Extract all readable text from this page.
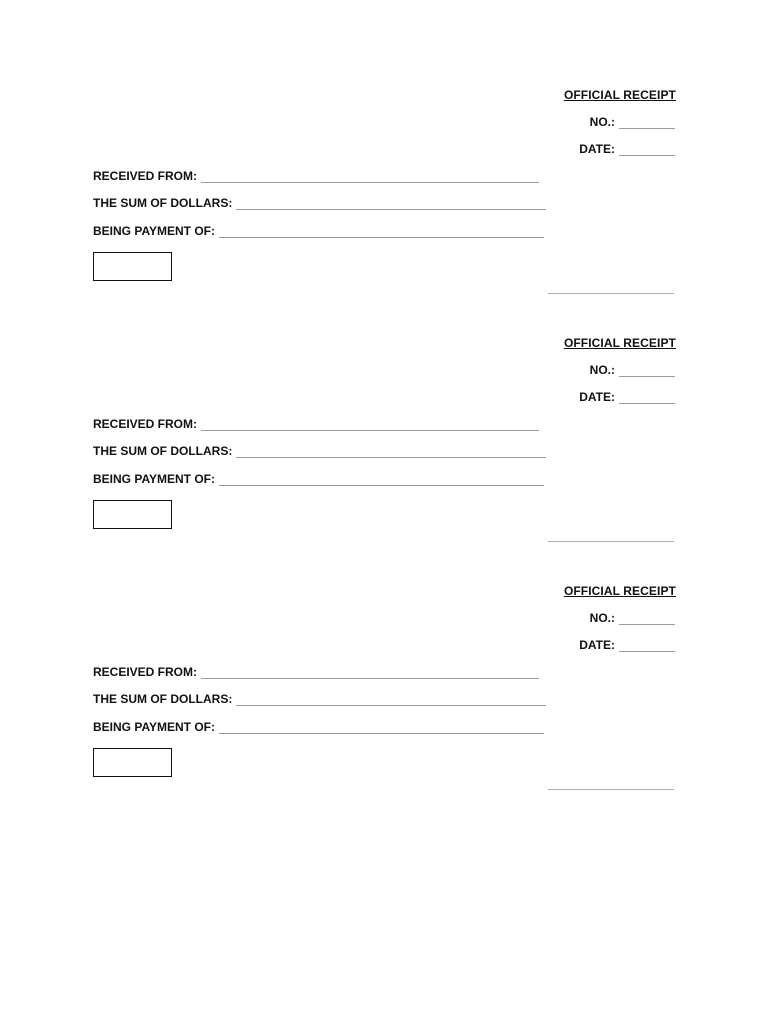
OFFICIAL RECEIPT
NO.:
DATE:
RECEIVED FROM:
THE SUM OF DOLLARS:
BEING PAYMENT OF:
OFFICIAL RECEIPT
NO.:
DATE:
RECEIVED FROM:
THE SUM OF DOLLARS:
BEING PAYMENT OF:
OFFICIAL RECEIPT
NO.:
DATE:
RECEIVED FROM:
THE SUM OF DOLLARS:
BEING PAYMENT OF:
